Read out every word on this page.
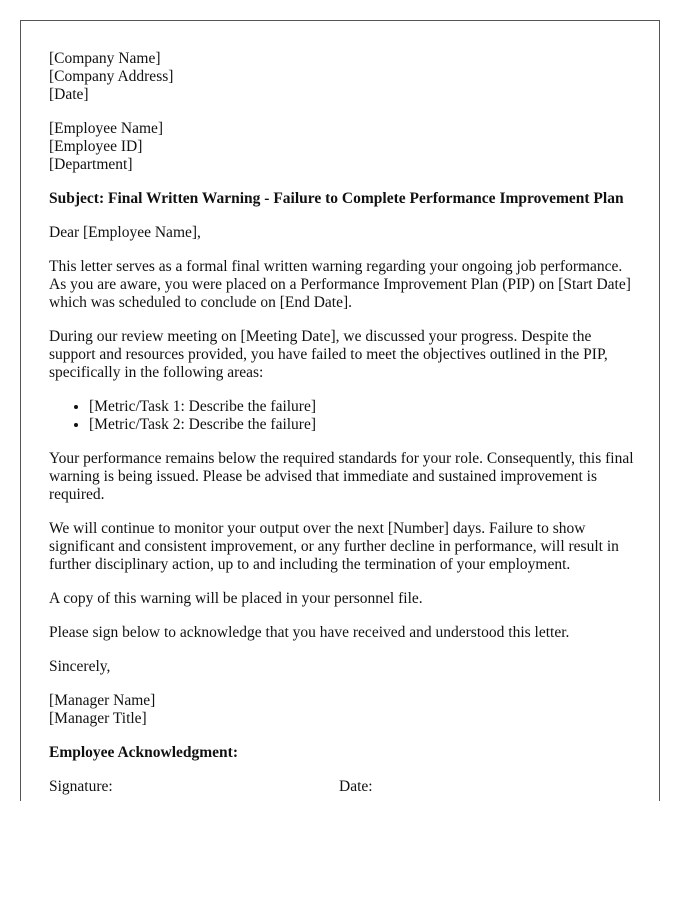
[Company Name]
[Company Address]
[Date]
[Employee Name]
[Employee ID]
[Department]

Subject: Final Written Warning - Failure to Complete Performance Improvement Plan

Dear [Employee Name],

This letter serves as a formal final written warning regarding your ongoing job performance. As you are aware, you were placed on a Performance Improvement Plan (PIP) on [Start Date] which was scheduled to conclude on [End Date].

During our review meeting on [Meeting Date], we discussed your progress. Despite the support and resources provided, you have failed to meet the objectives outlined in the PIP, specifically in the following areas:

• [Metric/Task 1: Describe the failure]
• [Metric/Task 2: Describe the failure]

Your performance remains below the required standards for your role. Consequently, this final warning is being issued. Please be advised that immediate and sustained improvement is required.

We will continue to monitor your output over the next [Number] days. Failure to show significant and consistent improvement, or any further decline in performance, will result in further disciplinary action, up to and including the termination of your employment.

A copy of this warning will be placed in your personnel file.

Please sign below to acknowledge that you have received and understood this letter.

Sincerely,

[Manager Name]
[Manager Title]

Employee Acknowledgment:

Signature:	Date:
